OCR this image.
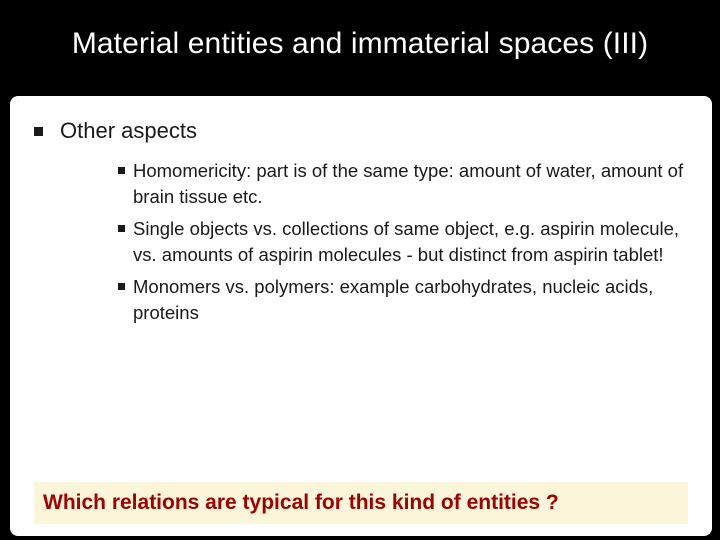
Material entities and immaterial spaces (III)
Other aspects
Homomericity: part is of the same type: amount of water, amount of brain tissue etc.
Single objects vs. collections of same object, e.g. aspirin molecule, vs. amounts of aspirin molecules - but distinct from aspirin tablet!
Monomers vs. polymers: example carbohydrates, nucleic acids, proteins
Which relations are typical for this kind of entities ?
